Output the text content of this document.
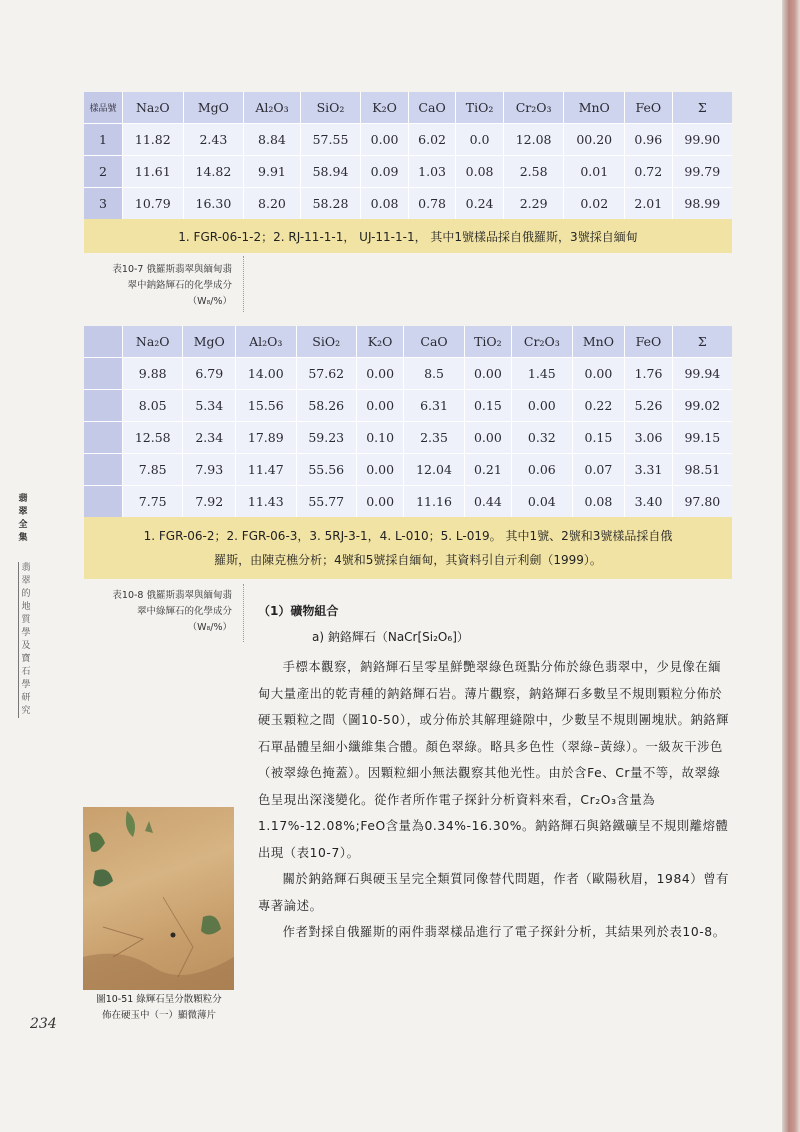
樣品號	Na₂O	MgO	Al₂O₃	SiO₂	K₂O	CaO	TiO₂	Cr₂O₃	MnO	FeO	Σ
1	11.82	2.43	8.84	57.55	0.00	6.02	0.0	12.08	00.20	0.96	99.90
2	11.61	14.82	9.91	58.94	0.09	1.03	0.08	2.58	0.01	0.72	99.79
3	10.79	16.30	8.20	58.28	0.08	0.78	0.24	2.29	0.02	2.01	98.99
1. FGR-06-1-2；2. RJ-11-1-1， UJ-11-1-1， 其中1號樣品採自俄羅斯，3號採自緬甸											
表10-7 俄羅斯翡翠與緬甸翡
翠中鈉鉻輝石的化學成分
（W₈/%）
	Na₂O	MgO	Al₂O₃	SiO₂	K₂O	CaO	TiO₂	Cr₂O₃	MnO	FeO	Σ
	9.88	6.79	14.00	57.62	0.00	8.5	0.00	1.45	0.00	1.76	99.94
	8.05	5.34	15.56	58.26	0.00	6.31	0.15	0.00	0.22	5.26	99.02
	12.58	2.34	17.89	59.23	0.10	2.35	0.00	0.32	0.15	3.06	99.15
	7.85	7.93	11.47	55.56	0.00	12.04	0.21	0.06	0.07	3.31	98.51
	7.75	7.92	11.43	55.77	0.00	11.16	0.44	0.04	0.08	3.40	97.80

1. FGR-06-2；2. FGR-06-3，3. 5RJ-3-1，4. L-010；5. L-019。 其中1號、2號和3號樣品採自俄
羅斯，由陳克樵分析；4號和5號採自緬甸，其資料引自亓利劍（1999）。											
表10-8 俄羅斯翡翠與緬甸翡
翠中綠輝石的化學成分
（W₈/%）
翡
翠
全
集
翡
翠
的
地
質
學
及
寶
石
學
研
究
（1）礦物組合
a) 鈉鉻輝石（NaCr[Si₂O₆]）

手標本觀察，鈉鉻輝石呈零星鮮艷翠綠色斑點分佈於綠色翡翠中，少見像在緬甸大量產出的乾青種的鈉鉻輝石岩。薄片觀察，鈉鉻輝石多數呈不規則顆粒分佈於硬玉顆粒之間（圖10-50），或分佈於其解理縫隙中，少數呈不規則團塊狀。鈉鉻輝石單晶體呈細小纖維集合體。顏色翠綠。略具多色性（翠綠–黃綠）。一級灰干涉色（被翠綠色掩蓋）。因顆粒細小無法觀察其他光性。由於含Fe、Cr量不等，故翠綠色呈現出深淺變化。從作者所作電子探針分析資料來看，Cr₂O₃含量為1.17%-12.08%;FeO含量為0.34%-16.30%。鈉鉻輝石與鉻鐵礦呈不規則離熔體出現（表10-7）。

關於鈉鉻輝石與硬玉呈完全類質同像替代問題，作者（歐陽秋眉，1984）曾有專著論述。

作者對採自俄羅斯的兩件翡翠樣品進行了電子探針分析，其結果列於表10-8。

圖10-51 綠輝石呈分散顆粒分
佈在硬玉中（一）顯微薄片
234
